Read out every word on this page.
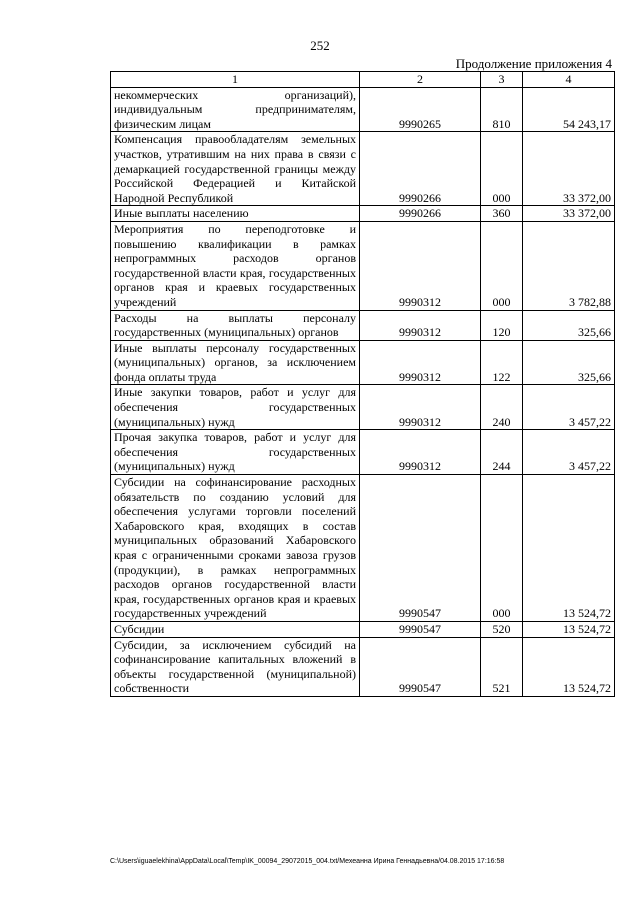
252
Продолжение приложения 4
1	2	3	4
некоммерческих организаций), индивидуальным предпринимателям, физическим лицам	9990265	810	54 243,17
Компенсация правообладателям земельных участков, утратившим на них права в связи с демаркацией государственной границы между Российской Федерацией и Китайской Народной Республикой	9990266	000	33 372,00
Иные выплаты населению	9990266	360	33 372,00
Мероприятия по переподготовке и повышению квалификации в рамках непрограммных расходов органов государственной власти края, государственных органов края и краевых государственных учреждений	9990312	000	3 782,88
Расходы на выплаты персоналу государственных (муниципальных) органов	9990312	120	325,66
Иные выплаты персоналу государственных (муниципальных) органов, за исключением фонда оплаты труда	9990312	122	325,66
Иные закупки товаров, работ и услуг для обеспечения государственных (муниципальных) нужд	9990312	240	3 457,22
Прочая закупка товаров, работ и услуг для обеспечения государственных (муниципальных) нужд	9990312	244	3 457,22
Субсидии на софинансирование расходных обязательств по созданию условий для обеспечения услугами торговли поселений Хабаровского края, входящих в состав муниципальных образований Хабаровского края с ограниченными сроками завоза грузов (продукции), в рамках непрограммных расходов органов государственной власти края, государственных органов края и краевых государственных учреждений	9990547	000	13 524,72
Субсидии	9990547	520	13 524,72
Субсидии, за исключением субсидий на софинансирование капитальных вложений в объекты государственной (муниципальной) собственности	9990547	521	13 524,72
C:\Users\iguaelekhina\AppData\Local\Temp\IK_00094_29072015_004.txt/Мехеанна Ирина Геннадьевна/04.08.2015 17:16:58
